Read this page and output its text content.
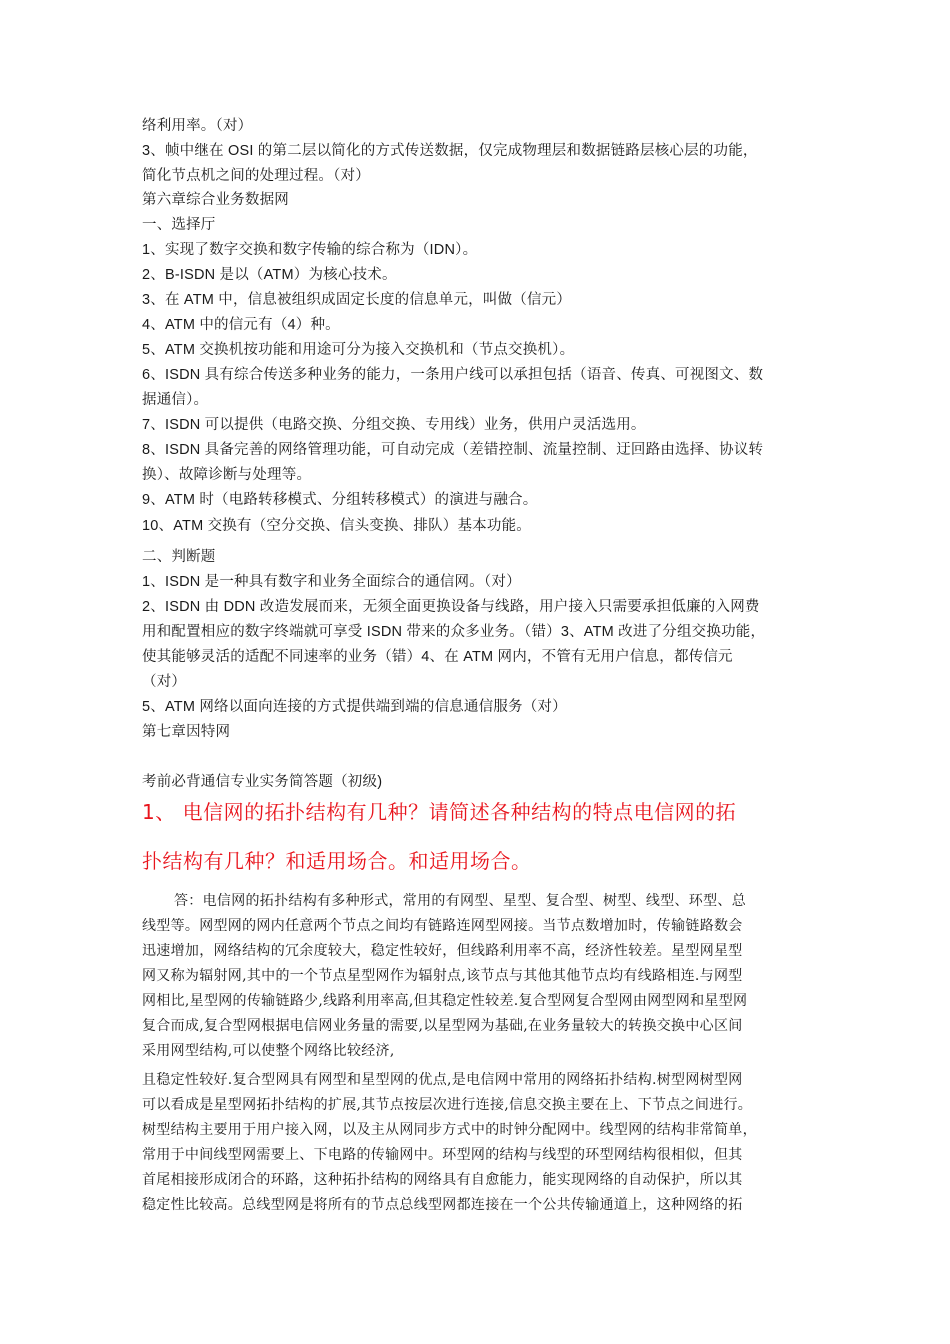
络利用率。（对）
3、帧中继在 OSI 的第二层以简化的方式传送数据，仅完成物理层和数据链路层核心层的功能，
简化节点机之间的处理过程。（对）
第六章综合业务数据网
一、选择厅
1、实现了数字交换和数字传输的综合称为（IDN）。
2、B-ISDN 是以（ATM）为核心技术。
3、在 ATM 中，信息被组织成固定长度的信息单元，叫做（信元）
4、ATM 中的信元有（4）种。
5、ATM 交换机按功能和用途可分为接入交换机和（节点交换机）。
6、ISDN 具有综合传送多种业务的能力，一条用户线可以承担包括（语音、传真、可视图文、数
据通信）。
7、ISDN 可以提供（电路交换、分组交换、专用线）业务，供用户灵活选用。
8、ISDN 具备完善的网络管理功能，可自动完成（差错控制、流量控制、迂回路由选择、协议转
换）、故障诊断与处理等。
9、ATM 时（电路转移模式、分组转移模式）的演进与融合。
10、ATM 交换有（空分交换、信头变换、排队）基本功能。
二、判断题
1、ISDN 是一种具有数字和业务全面综合的通信网。（对）
2、ISDN 由 DDN 改造发展而来，无须全面更换设备与线路，用户接入只需要承担低廉的入网费
用和配置相应的数字终端就可享受 ISDN 带来的众多业务。（错）3、ATM 改进了分组交换功能，
使其能够灵活的适配不同速率的业务（错）4、在 ATM 网内，不管有无用户信息，都传信元
（对）
5、ATM 网络以面向连接的方式提供端到端的信息通信服务（对）
第七章因特网
考前必背通信专业实务简答题（初级)
1、 电信网的拓扑结构有几种？请简述各种结构的特点电信网的拓
扑结构有几种？和适用场合。和适用场合。
答：电信网的拓扑结构有多种形式，常用的有网型、星型、复合型、树型、线型、环型、总
线型等。网型网的网内任意两个节点之间均有链路连网型网接。当节点数增加时，传输链路数会
迅速增加，网络结构的冗余度较大，稳定性较好，但线路利用率不高，经济性较差。星型网星型
网又称为辐射网,其中的一个节点星型网作为辐射点,该节点与其他其他节点均有线路相连.与网型
网相比,星型网的传输链路少,线路利用率高,但其稳定性较差.复合型网复合型网由网型网和星型网
复合而成,复合型网根据电信网业务量的需要,以星型网为基础,在业务量较大的转换交换中心区间
采用网型结构,可以使整个网络比较经济,
且稳定性较好.复合型网具有网型和星型网的优点,是电信网中常用的网络拓扑结构.树型网树型网
可以看成是星型网拓扑结构的扩展,其节点按层次进行连接,信息交换主要在上、下节点之间进行。
树型结构主要用于用户接入网，以及主从网同步方式中的时钟分配网中。线型网的结构非常简单，
常用于中间线型网需要上、下电路的传输网中。环型网的结构与线型的环型网结构很相似，但其
首尾相接形成闭合的环路，这种拓扑结构的网络具有自愈能力，能实现网络的自动保护，所以其
稳定性比较高。总线型网是将所有的节点总线型网都连接在一个公共传输通道上，这种网络的拓
